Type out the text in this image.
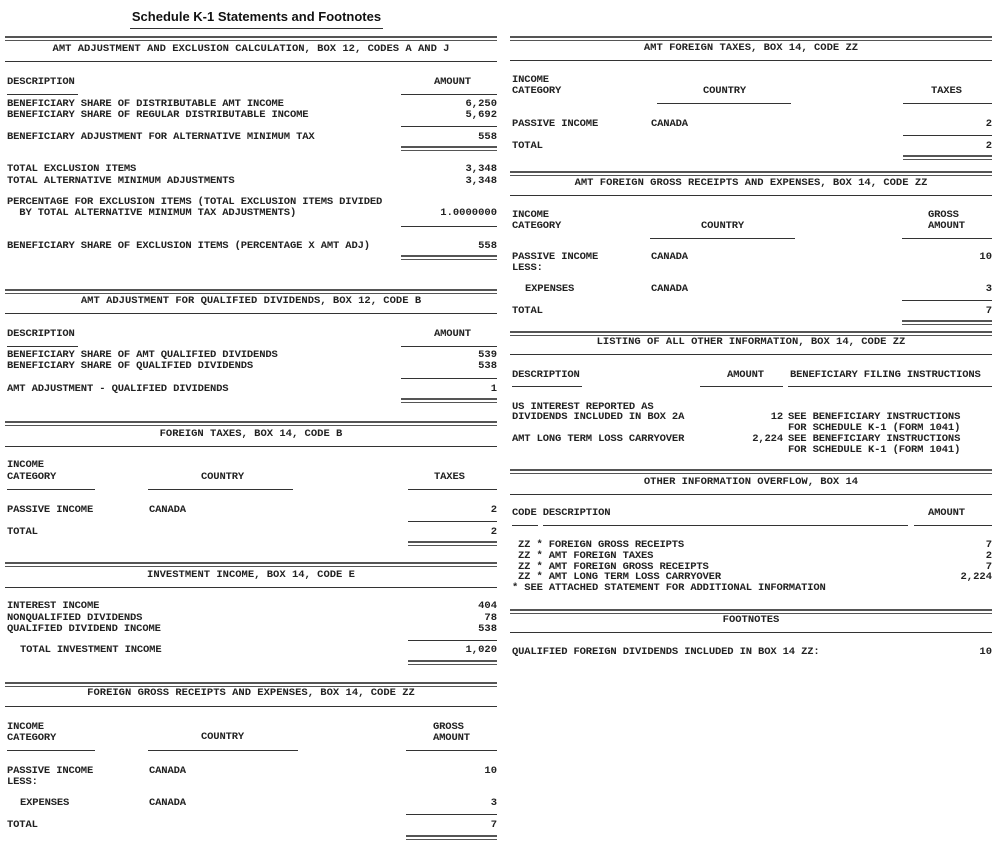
Schedule K-1 Statements and Footnotes
AMT ADJUSTMENT AND EXCLUSION CALCULATION, BOX 12, CODES A AND J
DESCRIPTION	AMOUNT
BENEFICIARY SHARE OF DISTRIBUTABLE AMT INCOME	6,250
BENEFICIARY SHARE OF REGULAR DISTRIBUTABLE INCOME	5,692
BENEFICIARY ADJUSTMENT FOR ALTERNATIVE MINIMUM TAX	558
TOTAL EXCLUSION ITEMS	3,348
TOTAL ALTERNATIVE MINIMUM ADJUSTMENTS	3,348
PERCENTAGE FOR EXCLUSION ITEMS (TOTAL EXCLUSION ITEMS DIVIDED
BY TOTAL ALTERNATIVE MINIMUM TAX ADJUSTMENTS)	1.0000000
BENEFICIARY SHARE OF EXCLUSION ITEMS (PERCENTAGE X AMT ADJ)	558
AMT ADJUSTMENT FOR QUALIFIED DIVIDENDS, BOX 12, CODE B
DESCRIPTION	AMOUNT
BENEFICIARY SHARE OF AMT QUALIFIED DIVIDENDS	539
BENEFICIARY SHARE OF QUALIFIED DIVIDENDS	538
AMT ADJUSTMENT - QUALIFIED DIVIDENDS	1
FOREIGN TAXES, BOX 14, CODE B
INCOME
CATEGORY	COUNTRY	TAXES
PASSIVE INCOME	CANADA	2
TOTAL	2
INVESTMENT INCOME, BOX 14, CODE E
INTEREST INCOME	404
NONQUALIFIED DIVIDENDS	78
QUALIFIED DIVIDEND INCOME	538
TOTAL INVESTMENT INCOME	1,020
FOREIGN GROSS RECEIPTS AND EXPENSES, BOX 14, CODE ZZ
INCOME
CATEGORY	COUNTRY
GROSS
AMOUNT
PASSIVE INCOME	CANADA	10
LESS:
EXPENSES	CANADA	3
TOTAL	7
AMT FOREIGN TAXES, BOX 14, CODE ZZ
INCOME
CATEGORY	COUNTRY	TAXES
PASSIVE INCOME	CANADA	2
TOTAL	2
AMT FOREIGN GROSS RECEIPTS AND EXPENSES, BOX 14, CODE ZZ
INCOME
CATEGORY	COUNTRY
GROSS
AMOUNT
PASSIVE INCOME	CANADA	10
LESS:
EXPENSES	CANADA	3
TOTAL	7
LISTING OF ALL OTHER INFORMATION, BOX 14, CODE ZZ
DESCRIPTION	AMOUNT BENEFICIARY FILING INSTRUCTIONS
US INTEREST REPORTED AS
DIVIDENDS INCLUDED IN BOX 2A	12 SEE BENEFICIARY INSTRUCTIONS
FOR SCHEDULE K-1 (FORM 1041)
AMT LONG TERM LOSS CARRYOVER	2,224 SEE BENEFICIARY INSTRUCTIONS
FOR SCHEDULE K-1 (FORM 1041)
OTHER INFORMATION OVERFLOW, BOX 14
CODE DESCRIPTION	AMOUNT
ZZ * FOREIGN GROSS RECEIPTS	7
ZZ * AMT FOREIGN TAXES	2
ZZ * AMT FOREIGN GROSS RECEIPTS	7
ZZ * AMT LONG TERM LOSS CARRYOVER	2,224
* SEE ATTACHED STATEMENT FOR ADDITIONAL INFORMATION
FOOTNOTES
QUALIFIED FOREIGN DIVIDENDS INCLUDED IN BOX 14 ZZ:	10
